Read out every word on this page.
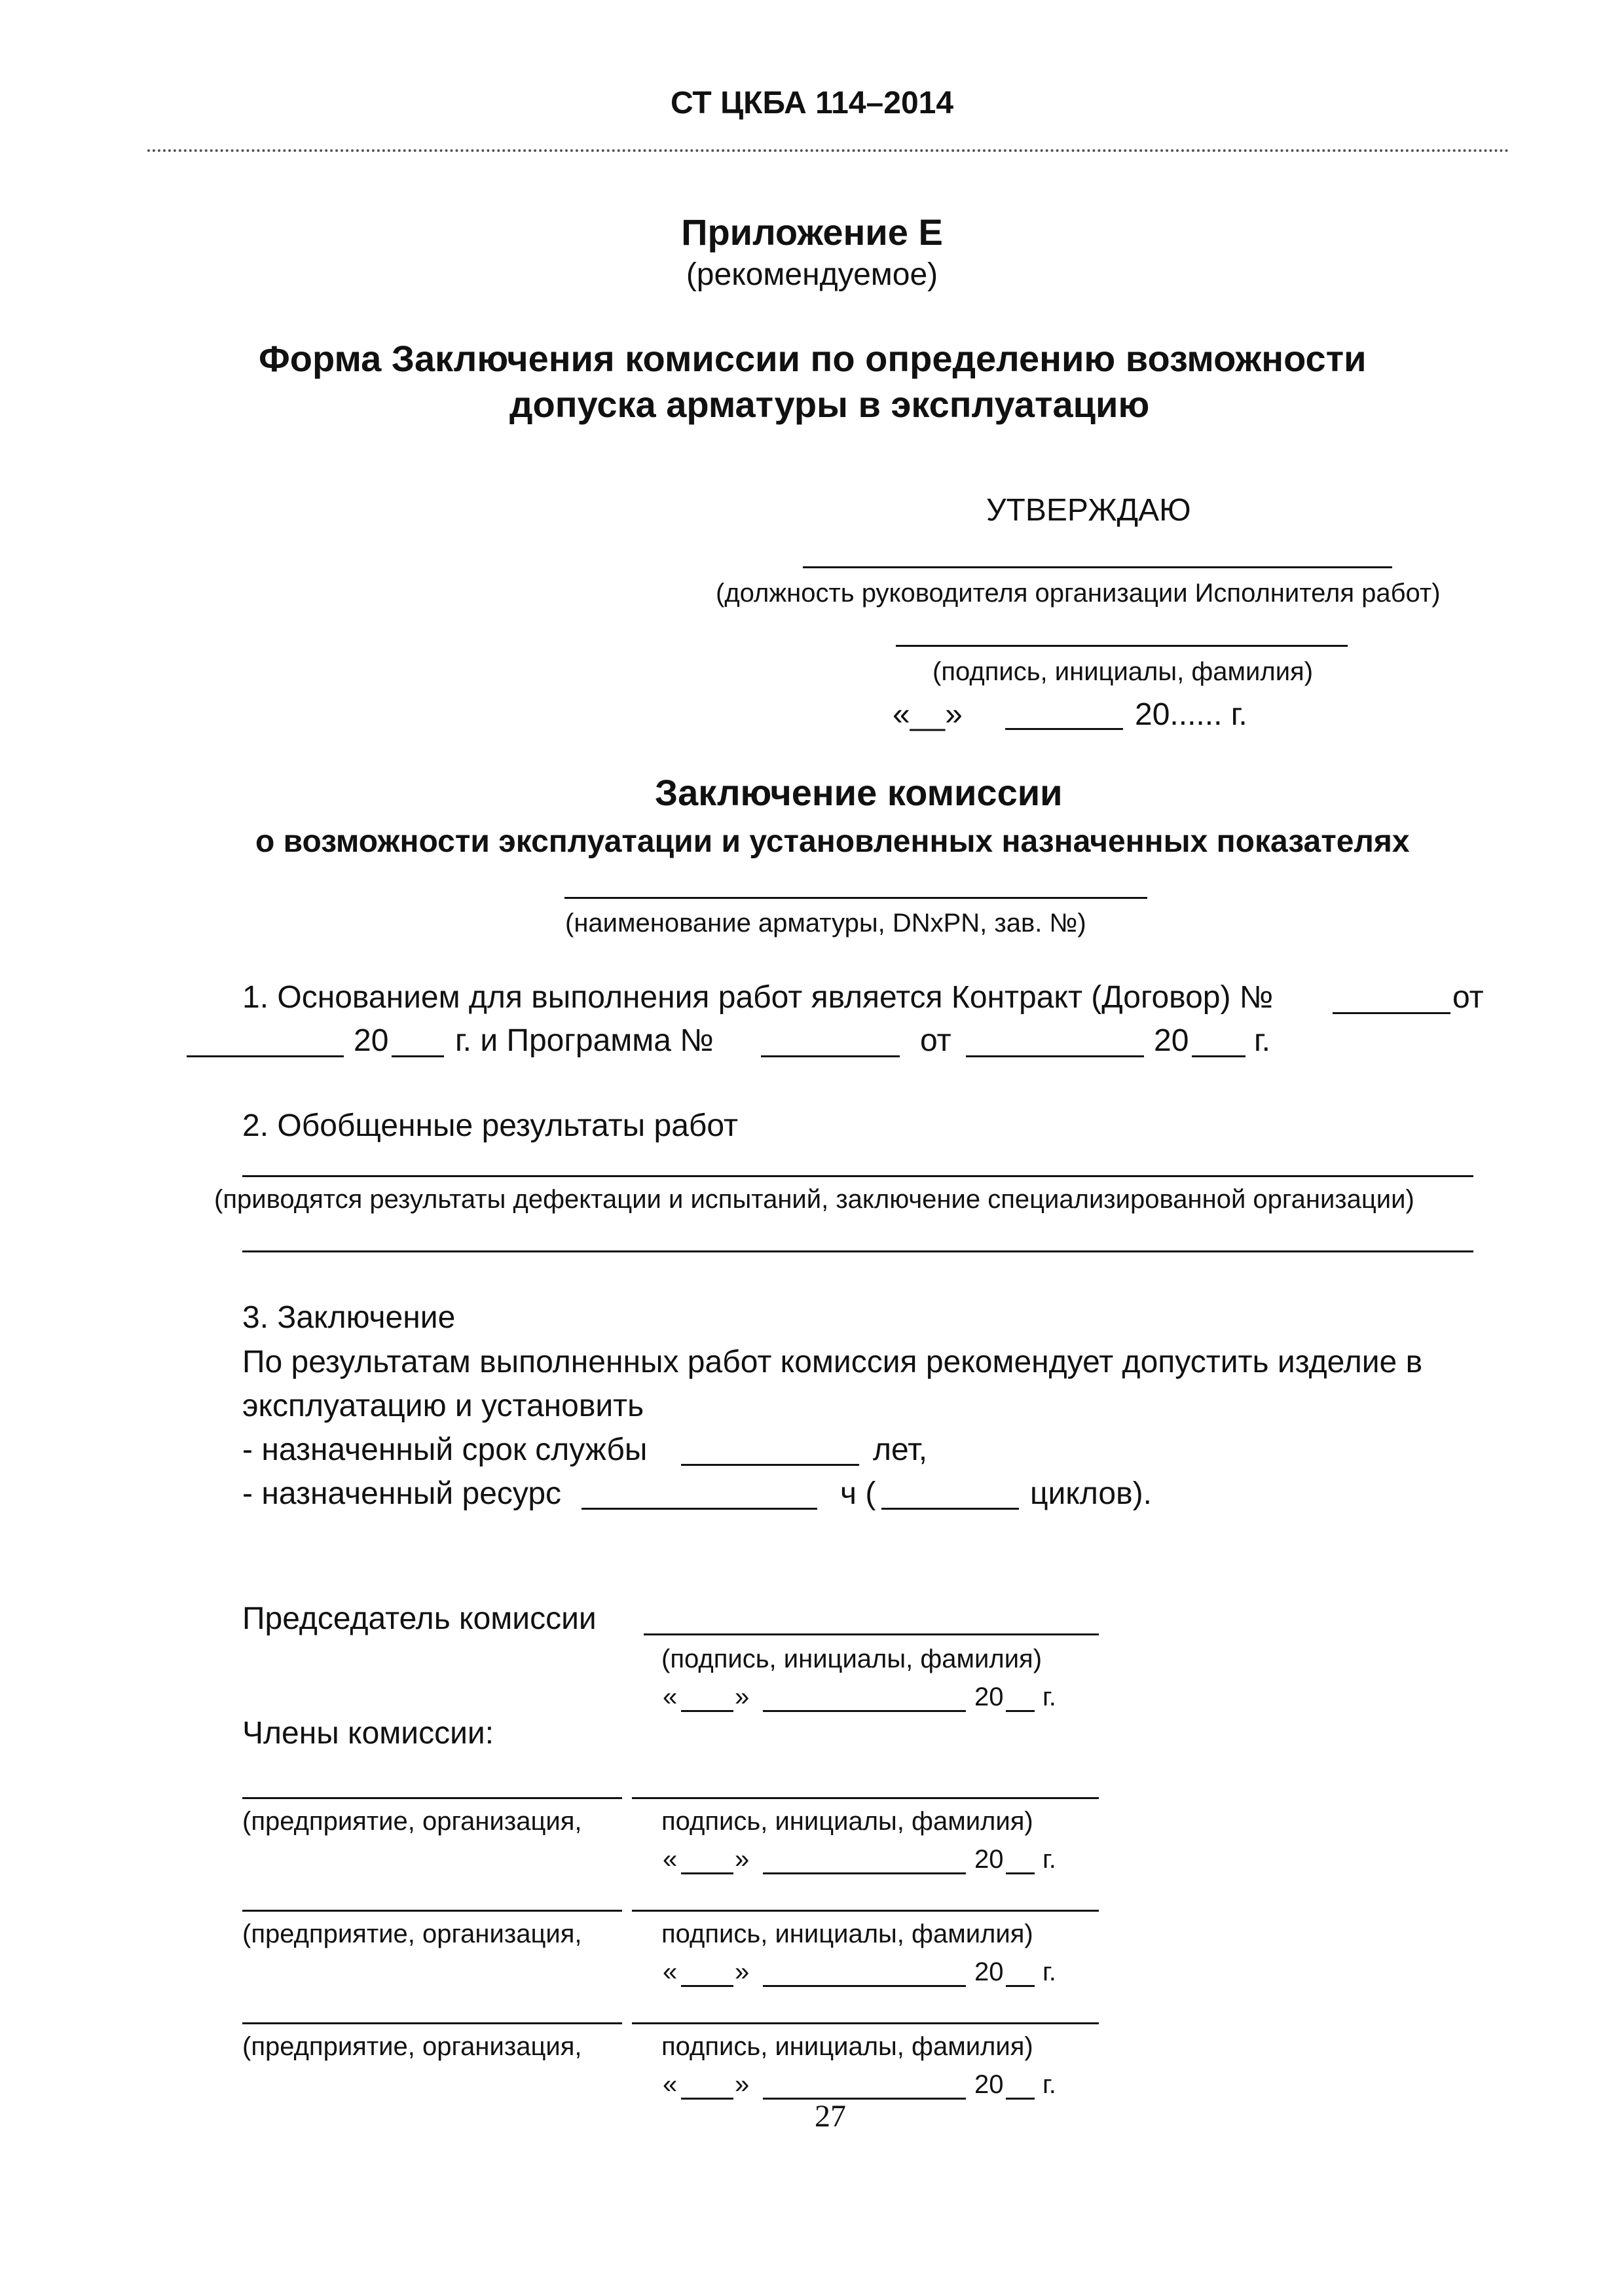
СТ ЦКБА 114–2014
Приложение Е
(рекомендуемое)
Форма Заключения комиссии по определению возможности
допуска арматуры в эксплуатацию
УТВЕРЖДАЮ
(должность руководителя организации Исполнителя работ)
(подпись, инициалы, фамилия)
«__»	20...... г.
Заключение комиссии
о возможности эксплуатации и установленных назначенных показателях
(наименование арматуры, DNxPN, зав. №)
1. Основанием для выполнения работ является Контракт (Договор) №	от
20 г. и Программа №	от	20 г.
2. Обобщенные результаты работ
(приводятся результаты дефектации и испытаний, заключение специализированной организации)
3. Заключение
По результатам выполненных работ комиссия рекомендует допустить изделие в
эксплуатацию и установить
- назначенный срок службы	лет,
- назначенный ресурс	ч (	циклов).
Председатель комиссии
(подпись, инициалы, фамилия)
« »	20 г.
Члены комиссии:
(предприятие, организация,	подпись, инициалы, фамилия)
« »	20 г.
(предприятие, организация,	подпись, инициалы, фамилия)
« »	20 г.
(предприятие, организация,	подпись, инициалы, фамилия)
« »	20 г.
27
